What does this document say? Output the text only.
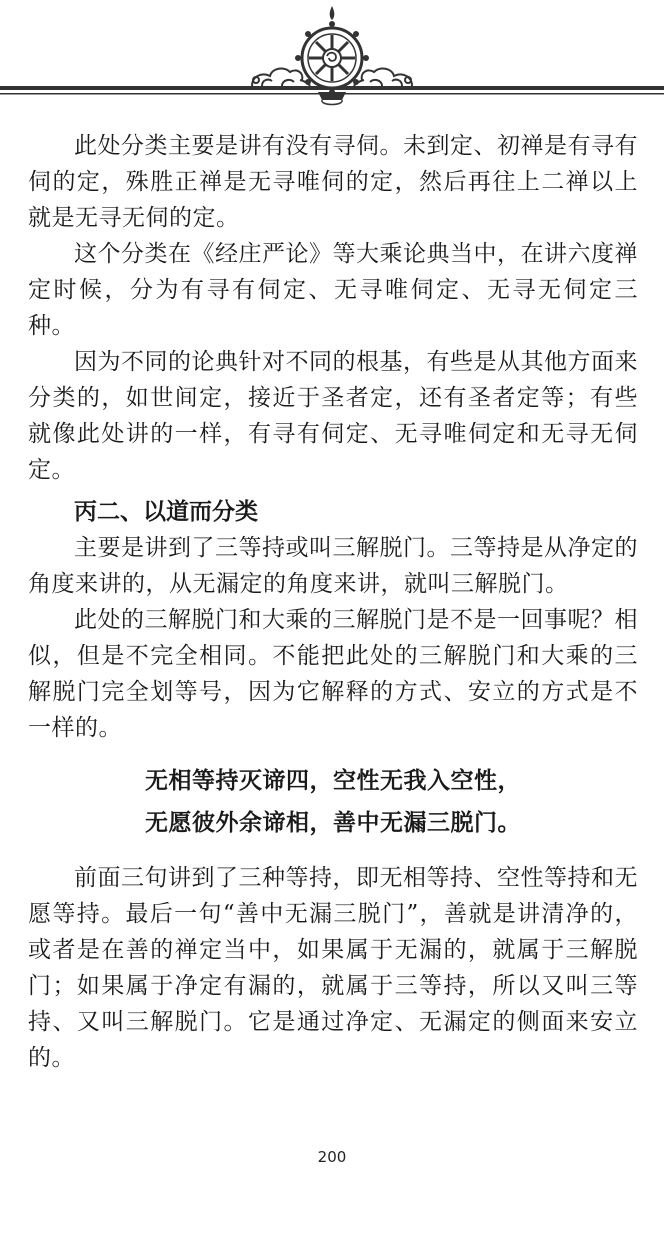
此处分类主要是讲有没有寻伺。未到定、初禅是有寻有伺的定，殊胜正禅是无寻唯伺的定，然后再往上二禅以上就是无寻无伺的定。

这个分类在《经庄严论》等大乘论典当中，在讲六度禅定时候，分为有寻有伺定、无寻唯伺定、无寻无伺定三种。

因为不同的论典针对不同的根基，有些是从其他方面来分类的，如世间定，接近于圣者定，还有圣者定等；有些就像此处讲的一样，有寻有伺定、无寻唯伺定和无寻无伺定。

丙二、以道而分类

主要是讲到了三等持或叫三解脱门。三等持是从净定的角度来讲的，从无漏定的角度来讲，就叫三解脱门。

此处的三解脱门和大乘的三解脱门是不是一回事呢？相似，但是不完全相同。不能把此处的三解脱门和大乘的三解脱门完全划等号，因为它解释的方式、安立的方式是不一样的。

无相等持灭谛四，空性无我入空性，

无愿彼外余谛相，善中无漏三脱门。

前面三句讲到了三种等持，即无相等持、空性等持和无愿等持。最后一句“善中无漏三脱门”，善就是讲清净的，或者是在善的禅定当中，如果属于无漏的，就属于三解脱门；如果属于净定有漏的，就属于三等持，所以又叫三等持、又叫三解脱门。它是通过净定、无漏定的侧面来安立的。

200
